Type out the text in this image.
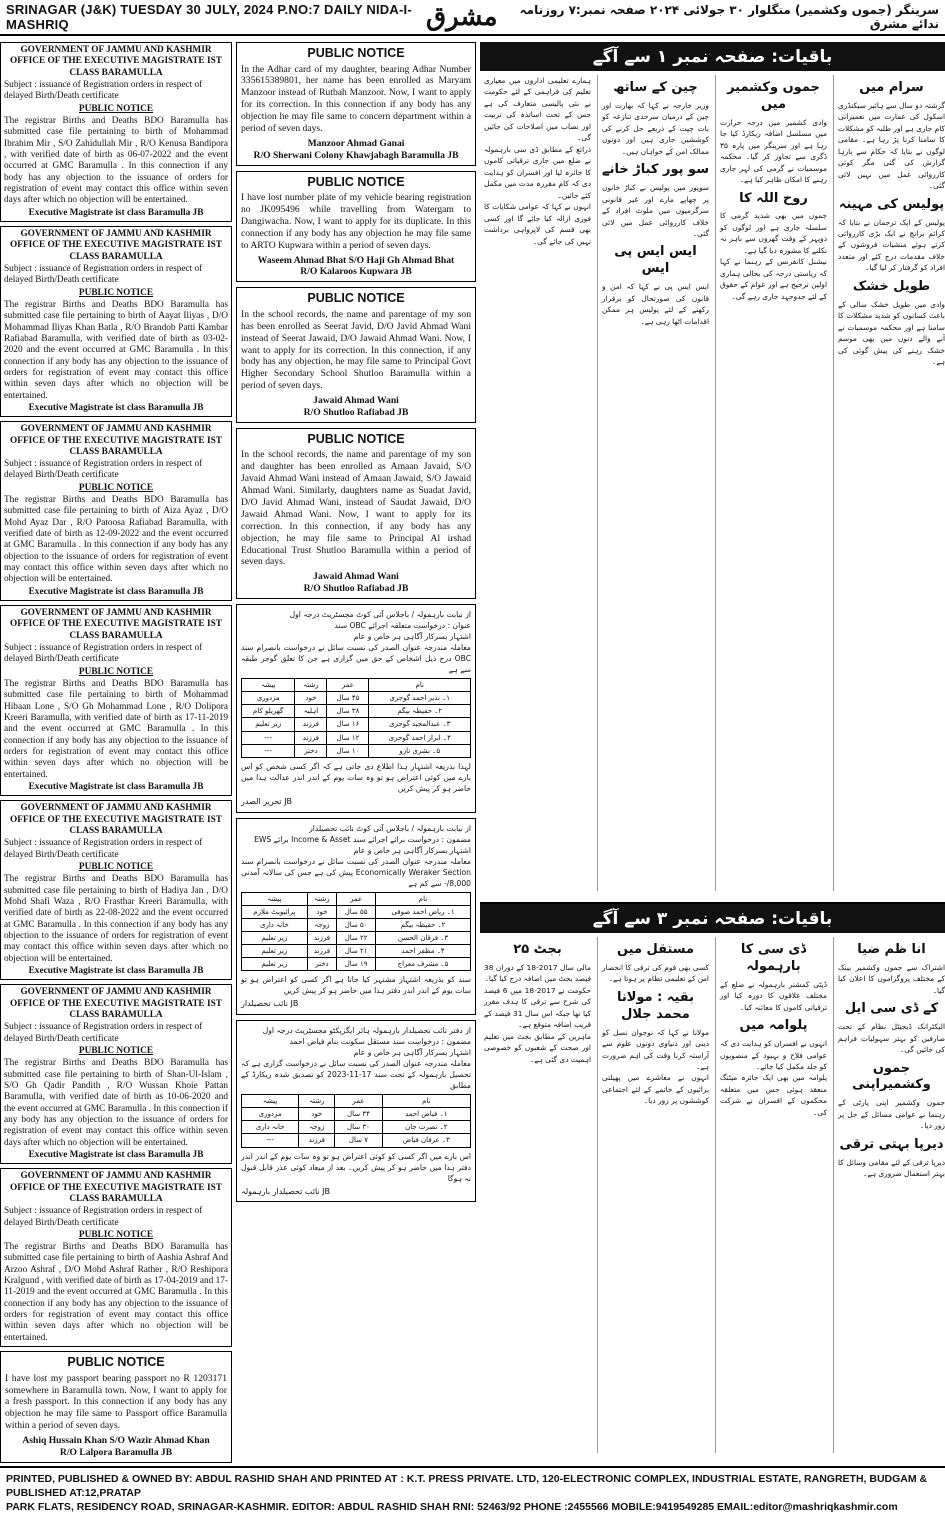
SRINAGAR (J&K) TUESDAY 30 JULY, 2024 P.NO:7 DAILY NIDA-I-MASHRIQ	مشرق	سرینگر (جموں وکشمیر) منگلوار ۳۰ جولائی ۲۰۲۴ صفحہ نمبر:۷ روزنامہ ندائے مشرق
GOVERNMENT OF JAMMU AND KASHMIR
OFFICE OF THE EXECUTIVE MAGISTRATE IST CLASS BARAMULLA
Subject : issuance of Registration orders in respect of delayed Birth/Death certificate
PUBLIC NOTICE
The registrar Births and Deaths BDO Baramulla has submitted case file pertaining to birth of Mohammad Ibrahim Mir , S/O Zahidullah Mir , R/O Kenusa Bandipora , with verified date of birth as 06-07-2022 and the event occurred at GMC Baramulla . In this connection if any body has any objection to the issuance of orders for registration of event may contact this office within seven days after which no objection will be entertained.
Executive Magistrate ist class Baramulla JB
GOVERNMENT OF JAMMU AND KASHMIR
OFFICE OF THE EXECUTIVE MAGISTRATE IST CLASS BARAMULLA
Subject : issuance of Registration orders in respect of delayed Birth/Death certificate
PUBLIC NOTICE
The registrar Births and Deaths BDO Baramulla has submitted case file pertaining to birth of Aayat Iliyas , D/O Mohammad Iliyas Khan Batla , R/O Brandob Patti Kambar Rafiabad Baramulla, with verified date of birth as 03-02-2020 and the event occurred at GMC Baramulla . In this connection if any body has any objection to the issuance of orders for registration of event may contact this office within seven days after which no objection will be entertained.
Executive Magistrate ist class Baramulla JB
GOVERNMENT OF JAMMU AND KASHMIR
OFFICE OF THE EXECUTIVE MAGISTRATE IST CLASS BARAMULLA
Subject : issuance of Registration orders in respect of delayed Birth/Death certificate
PUBLIC NOTICE
The registrar Births and Deaths BDO Baramulla has submitted case file pertaining to birth of Aiza Ayaz , D/O Mohd Ayaz Dar , R/O Patoosa Rafiabad Baramulla, with verified date of birth as 12-09-2022 and the event occurred at GMC Baramulla . In this connection if any body has any objection to the issuance of orders for registration of event may contact this office within seven days after which no objection will be entertained.
Executive Magistrate ist class Baramulla JB
GOVERNMENT OF JAMMU AND KASHMIR
OFFICE OF THE EXECUTIVE MAGISTRATE IST CLASS BARAMULLA
Subject : issuance of Registration orders in respect of delayed Birth/Death certificate
PUBLIC NOTICE
The registrar Births and Deaths BDO Baramulla has submitted case file pertaining to birth of Mohammad Hibaan Lone , S/O Gh Mohammad Lone , R/O Dolipora Kreeri Baramulla, with verified date of birth as 17-11-2019 and the event occurred at GMC Baramulla . In this connection if any body has any objection to the issuance of orders for registration of event may contact this office within seven days after which no objection will be entertained.
Executive Magistrate ist class Baramulla JB
GOVERNMENT OF JAMMU AND KASHMIR
OFFICE OF THE EXECUTIVE MAGISTRATE IST CLASS BARAMULLA
Subject : issuance of Registration orders in respect of delayed Birth/Death certificate
PUBLIC NOTICE
The registrar Births and Deaths BDO Baramulla has submitted case file pertaining to birth of Hadiya Jan , D/O Mohd Shafi Waza , R/O Frasthar Kreeri Baramulla, with verified date of birth as 22-08-2022 and the event occurred at GMC Baramulla . In this connection if any body has any objection to the issuance of orders for registration of event may contact this office within seven days after which no objection will be entertained.
Executive Magistrate ist class Baramulla JB
GOVERNMENT OF JAMMU AND KASHMIR
OFFICE OF THE EXECUTIVE MAGISTRATE IST CLASS BARAMULLA
Subject : issuance of Registration orders in respect of delayed Birth/Death certificate
PUBLIC NOTICE
The registrar Births and Deaths BDO Baramulla has submitted case file pertaining to birth of Shan-Ul-Islam , S/O Gh Qadir Pandith , R/O Wussan Khoie Pattan Baramulla, with verified date of birth as 10-06-2020 and the event occurred at GMC Baramulla . In this connection if any body has any objection to the issuance of orders for registration of event may contact this office within seven days after which no objection will be entertained.
Executive Magistrate ist class Baramulla JB
GOVERNMENT OF JAMMU AND KASHMIR
OFFICE OF THE EXECUTIVE MAGISTRATE IST CLASS BARAMULLA
Subject : issuance of Registration orders in respect of delayed Birth/Death certificate
PUBLIC NOTICE
The registrar Births and Deaths BDO Baramulla has submitted case file pertaining to birth of Aashia Ashraf And Arzoo Ashraf , D/O Mohd Ashraf Rather , R/O Reshipora Kralgund , with verified date of birth as 17-04-2019 and 17-11-2019 and the event occurred at GMC Baramulla . In this connection if any body has any objection to the issuance of orders for registration of event may contact this office within seven days after which no objection will be entertained.
PUBLIC NOTICE
I have lost my passport bearing passport no R 1203171 somewhere in Baramulla town. Now, I want to apply for a fresh passport. In this connection if any body has any objection he may file same to Passport office Baramulla within a period of seven days.
Ashiq Hussain Khan S/O Wazir Ahmad Khan
R/O Lalpora Baramulla JB
PUBLIC NOTICE
In the Adhar card of my daughter, bearing Adhar Number 335615389801, her name has been enrolled as Maryam Manzoor instead of Rutbah Manzoor. Now, I want to apply for its correction. In this connection if any body has any objection he may file same to concern department within a period of seven days.
Manzoor Ahmad Ganai
R/O Sherwani Colony Khawjabagh Baramulla JB
PUBLIC NOTICE
I have lost number plate of my vehicle bearing registration no JK095496 while travelling from Watergam to Dangiwacha. Now, I want to apply for its duplicate. In this connection if any body has any objection he may file same to ARTO Kupwara within a period of seven days.
Waseem Ahmad Bhat S/O Haji Gh Ahmad Bhat
R/O Kalaroos Kupwara JB
PUBLIC NOTICE
In the school records, the name and parentage of my son has been enrolled as Seerat Javid, D/O Javid Ahmad Wani instead of Seerat Jawaid, D/O Jawaid Ahmad Wani. Now, I want to apply for its correction. In this connection, if any body has any objection, he may file same to Principal Govt Higher Secondary School Shutloo Baramulla within a period of seven days.
Jawaid Ahmad Wani
R/O Shutloo Rafiabad JB
PUBLIC NOTICE
In the school records, the name and parentage of my son and daughter has been enrolled as Amaan Javaid, S/O Javaid Ahmad Wani instead of Amaan Jawaid, S/O Jawaid Ahmad Wani. Similarly, daughters name as Suadat Javid, D/O Javid Ahmad Wani, instead of Saudat Jawaid, D/O Jawaid Ahmad Wani. Now, I want to apply for its correction. In this connection, if any body has any objection, he may file same to Principal Al irshad Educational Trust Shutloo Baramulla within a period of seven days.
Jawaid Ahmad Wani
R/O Shutloo Rafiabad JB
از نیابت بارہمولہ / باجلاس آئی کوٹ مجسٹریٹ درجہ اول
عنوان : درخواست متعلقہ اجرائے OBC سند
اشتہار بسرکار آگاہی ہر خاص و عام
معاملہ مندرجہ عنوان الصدر کی نسبت سائل نے درخواست بانصرام سند OBC درج ذیل اشخاص کے حق میں گزاری ہے جن کا تعلق گوجر طبقہ سے ہے
نام	عمر	رشتہ	پیشہ
۱۔ نذیر احمد گوجری	۴۵ سال	خود	مزدوری
۲۔ حفیظہ بیگم	۳۸ سال	اہلیہ	گھریلو کام
۳۔ عبدالمجید گوجری	۱۶ سال	فرزند	زیر تعلیم
۴۔ ابرار احمد گوجری	۱۲ سال	فرزند	---
۵۔ بشری نازو	۱۰ سال	دختر	---
لہذا بذریعہ اشتہار ہذا اطلاع دی جاتی ہے کہ اگر کسی شخص کو اس بارے میں کوئی اعتراض ہو تو وہ سات یوم کے اندر اندر عدالت ہذا میں حاضر ہو کر پیش کریں
تحریر الصدر JB
از نیابت بارہمولہ / باجلاس آئی کوٹ نائب تحصیلدار
مضمون : درخواست برائے اجرائے سند Income & Asset برائے EWS
اشتہار بسرکار آگاہی ہر خاص و عام
معاملہ مندرجہ عنوان الصدر کی نسبت سائل نے درخواست بانصرام سند Economically Weraker Section پیش کی ہے جس کی سالانہ آمدنی 8,000/- سے کم ہے
نام	عمر	رشتہ	پیشہ
۱۔ ریاض احمد صوفی	۵۵ سال	خود	پرائیویٹ ملازم
۲۔ حفیظہ بیگم	۵۰ سال	زوجہ	خانہ داری
۳۔ فرقان الحسن	۲۲ سال	فرزند	زیر تعلیم
۴۔ مظفر احمد	۲۱ سال	فرزند	زیر تعلیم
۵۔ مشرف معراج	۱۹ سال	دختر	زیر تعلیم
سند کو بذریعہ اشتہار مشتہر کیا جاتا ہے اگر کسی کو اعتراض ہو تو سات یوم کے اندر اندر دفتر ہذا میں حاضر ہو کر پیش کریں
نائب تحصیلدار JB
از دفتر نائب تحصیلدار بارہمولہ ہائر ایگزیکٹو مجسٹریٹ درجہ اول
مضمون : درخواست سند مستقل سکونت بنام فیاض احمد
اشتہار بسرکار آگاہی ہر خاص و عام
معاملہ مندرجہ عنوان الصدر کی نسبت سائل نے درخواست گزاری ہے کہ تحصیل بارہمولہ کے تحت سند 17-11-2023 کو تصدیق شدہ ریکارڈ کے مطابق
نام	عمر	رشتہ	پیشہ
۱۔ فیاض احمد	۳۴ سال	خود	مزدوری
۲۔ نصرت جان	۳۰ سال	زوجہ	خانہ داری
۳۔ عرفان فیاض	۷ سال	فرزند	---
اس بارے میں اگر کسی کو کوئی اعتراض ہو تو وہ سات یوم کے اندر اندر دفتر ہذا میں حاضر ہو کر پیش کریں۔ بعد از میعاد کوئی عذر قابل قبول نہ ہوگا
نائب تحصیلدار بارہمولہ JB
باقیات: صفحہ نمبر ۱ سے آگے
سرام میں

گزشتہ دو سال سے ہائیر سیکنڈری اسکول کی عمارت میں تعمیراتی کام جاری ہے اور طلبہ کو مشکلات کا سامنا کرنا پڑ رہا ہے۔ مقامی لوگوں نے بتایا کہ حکام سے بارہا گزارش کی گئی مگر کوئی کارروائی عمل میں نہیں لائی گئی۔

پولیس کی مہینہ

پولیس کے ایک ترجمان نے بتایا کہ کرائم برانچ نے ایک بڑی کارروائی کرتے ہوئے منشیات فروشوں کے خلاف مقدمات درج کئے اور متعدد افراد کو گرفتار کر لیا گیا۔

طویل خشک

وادی میں طویل خشک سالی کے باعث کسانوں کو شدید مشکلات کا سامنا ہے اور محکمہ موسمیات نے آنے والے دنوں میں بھی موسم خشک رہنے کی پیش گوئی کی ہے۔

جموں وکشمیر میں

وادی کشمیر میں درجہ حرارت میں مسلسل اضافہ ریکارڈ کیا جا رہا ہے اور سرینگر میں پارہ ۳۵ ڈگری سے تجاوز کر گیا۔ محکمہ موسمیات نے گرمی کی لہر جاری رہنے کا امکان ظاہر کیا ہے۔

روح اللہ کا

جموں میں بھی شدید گرمی کا سلسلہ جاری ہے اور لوگوں کو دوپہر کے وقت گھروں سے باہر نہ نکلنے کا مشورہ دیا گیا ہے۔

نیشنل کانفرنس کے رہنما نے کہا کہ ریاستی درجہ کی بحالی ہماری اولین ترجیح ہے اور عوام کے حقوق کے لئے جدوجہد جاری رہے گی۔

چین کے ساتھ

وزیر خارجہ نے کہا کہ بھارت اور چین کے درمیان سرحدی تنازعہ کو بات چیت کے ذریعے حل کرنے کی کوششیں جاری ہیں اور دونوں ممالک امن کے خواہاں ہیں۔

سو پور کباڑ خانے

سوپور میں پولیس نے کباڑ خانوں پر چھاپے مارے اور غیر قانونی سرگرمیوں میں ملوث افراد کے خلاف کارروائی عمل میں لائی گئی۔

ایس ایس پی ایس

ایس ایس پی نے کہا کہ امن و قانون کی صورتحال کو برقرار رکھنے کے لئے پولیس ہر ممکن اقدامات اٹھا رہی ہے۔

ہمارے تعلیمی اداروں میں معیاری تعلیم کی فراہمی کے لئے حکومت نے نئی پالیسی متعارف کی ہے جس کے تحت اساتذہ کی تربیت اور نصاب میں اصلاحات کی جائیں گی۔

ذرائع کے مطابق ڈی سی بارہمولہ نے ضلع میں جاری ترقیاتی کاموں کا جائزہ لیا اور افسران کو ہدایت دی کہ کام مقررہ مدت میں مکمل کئے جائیں۔

انہوں نے کہا کہ عوامی شکایات کا فوری ازالہ کیا جائے گا اور کسی بھی قسم کی لاپرواہی برداشت نہیں کی جائے گی۔

باقیات: صفحہ نمبر ۳ سے آگے
انا ظم ضیا

اشتراک سے جموں وکشمیر بینک کے مختلف پروگراموں کا اعلان کیا گیا۔

کے ڈی سی ایل

الیکٹرانک ڈیجیٹل نظام کے تحت صارفین کو بہتر سہولیات فراہم کی جائیں گی۔

جموں وکشمیراپنی

جموں وکشمیر اپنی پارٹی کے رہنما نے عوامی مسائل کے حل پر زور دیا۔

دیرپا بہتی ترقی

دیرپا ترقی کے لئے مقامی وسائل کا بہتر استعمال ضروری ہے۔

ڈی سی کا بارہمولہ

ڈپٹی کمشنر بارہمولہ نے ضلع کے مختلف علاقوں کا دورہ کیا اور ترقیاتی کاموں کا معائنہ کیا۔

پلوامہ میں

انہوں نے افسران کو ہدایت دی کہ عوامی فلاح و بہبود کے منصوبوں کو جلد مکمل کیا جائے۔

پلوامہ میں بھی ایک جائزہ میٹنگ منعقد ہوئی جس میں متعلقہ محکموں کے افسران نے شرکت کی۔

مستقل میں

کسی بھی قوم کی ترقی کا انحصار اس کے تعلیمی نظام پر ہوتا ہے۔

بقیہ : مولانا محمد جلال

مولانا نے کہا کہ نوجوان نسل کو دینی اور دنیاوی دونوں علوم سے آراستہ کرنا وقت کی اہم ضرورت ہے۔

انہوں نے معاشرے میں پھیلتی برائیوں کے خاتمے کے لئے اجتماعی کوششوں پر زور دیا۔

بجٹ ۲۵

مالی سال 2017-18 کے دوران 38 فیصد بجٹ میں اضافہ درج کیا گیا۔

حکومت نے 2017-18 میں 6 فیصد کی شرح سے ترقی کا ہدف مقرر کیا تھا جبکہ اس سال 31 فیصد کے قریب اضافہ متوقع ہے۔

ماہرین کے مطابق بجٹ میں تعلیم اور صحت کے شعبوں کو خصوصی اہمیت دی گئی ہے۔

PRINTED, PUBLISHED & OWNED BY: ABDUL RASHID SHAH AND PRINTED AT : K.T. PRESS PRIVATE. LTD, 120-ELECTRONIC COMPLEX, INDUSTRIAL ESTATE, RANGRETH, BUDGAM & PUBLISHED AT:12,PRATAP
PARK FLATS, RESIDENCY ROAD, SRINAGAR-KASHMIR. EDITOR: ABDUL RASHID SHAH RNI: 52463/92 PHONE :2455566 MOBILE:9419549285 EMAIL:editor@mashriqkashmir.com
